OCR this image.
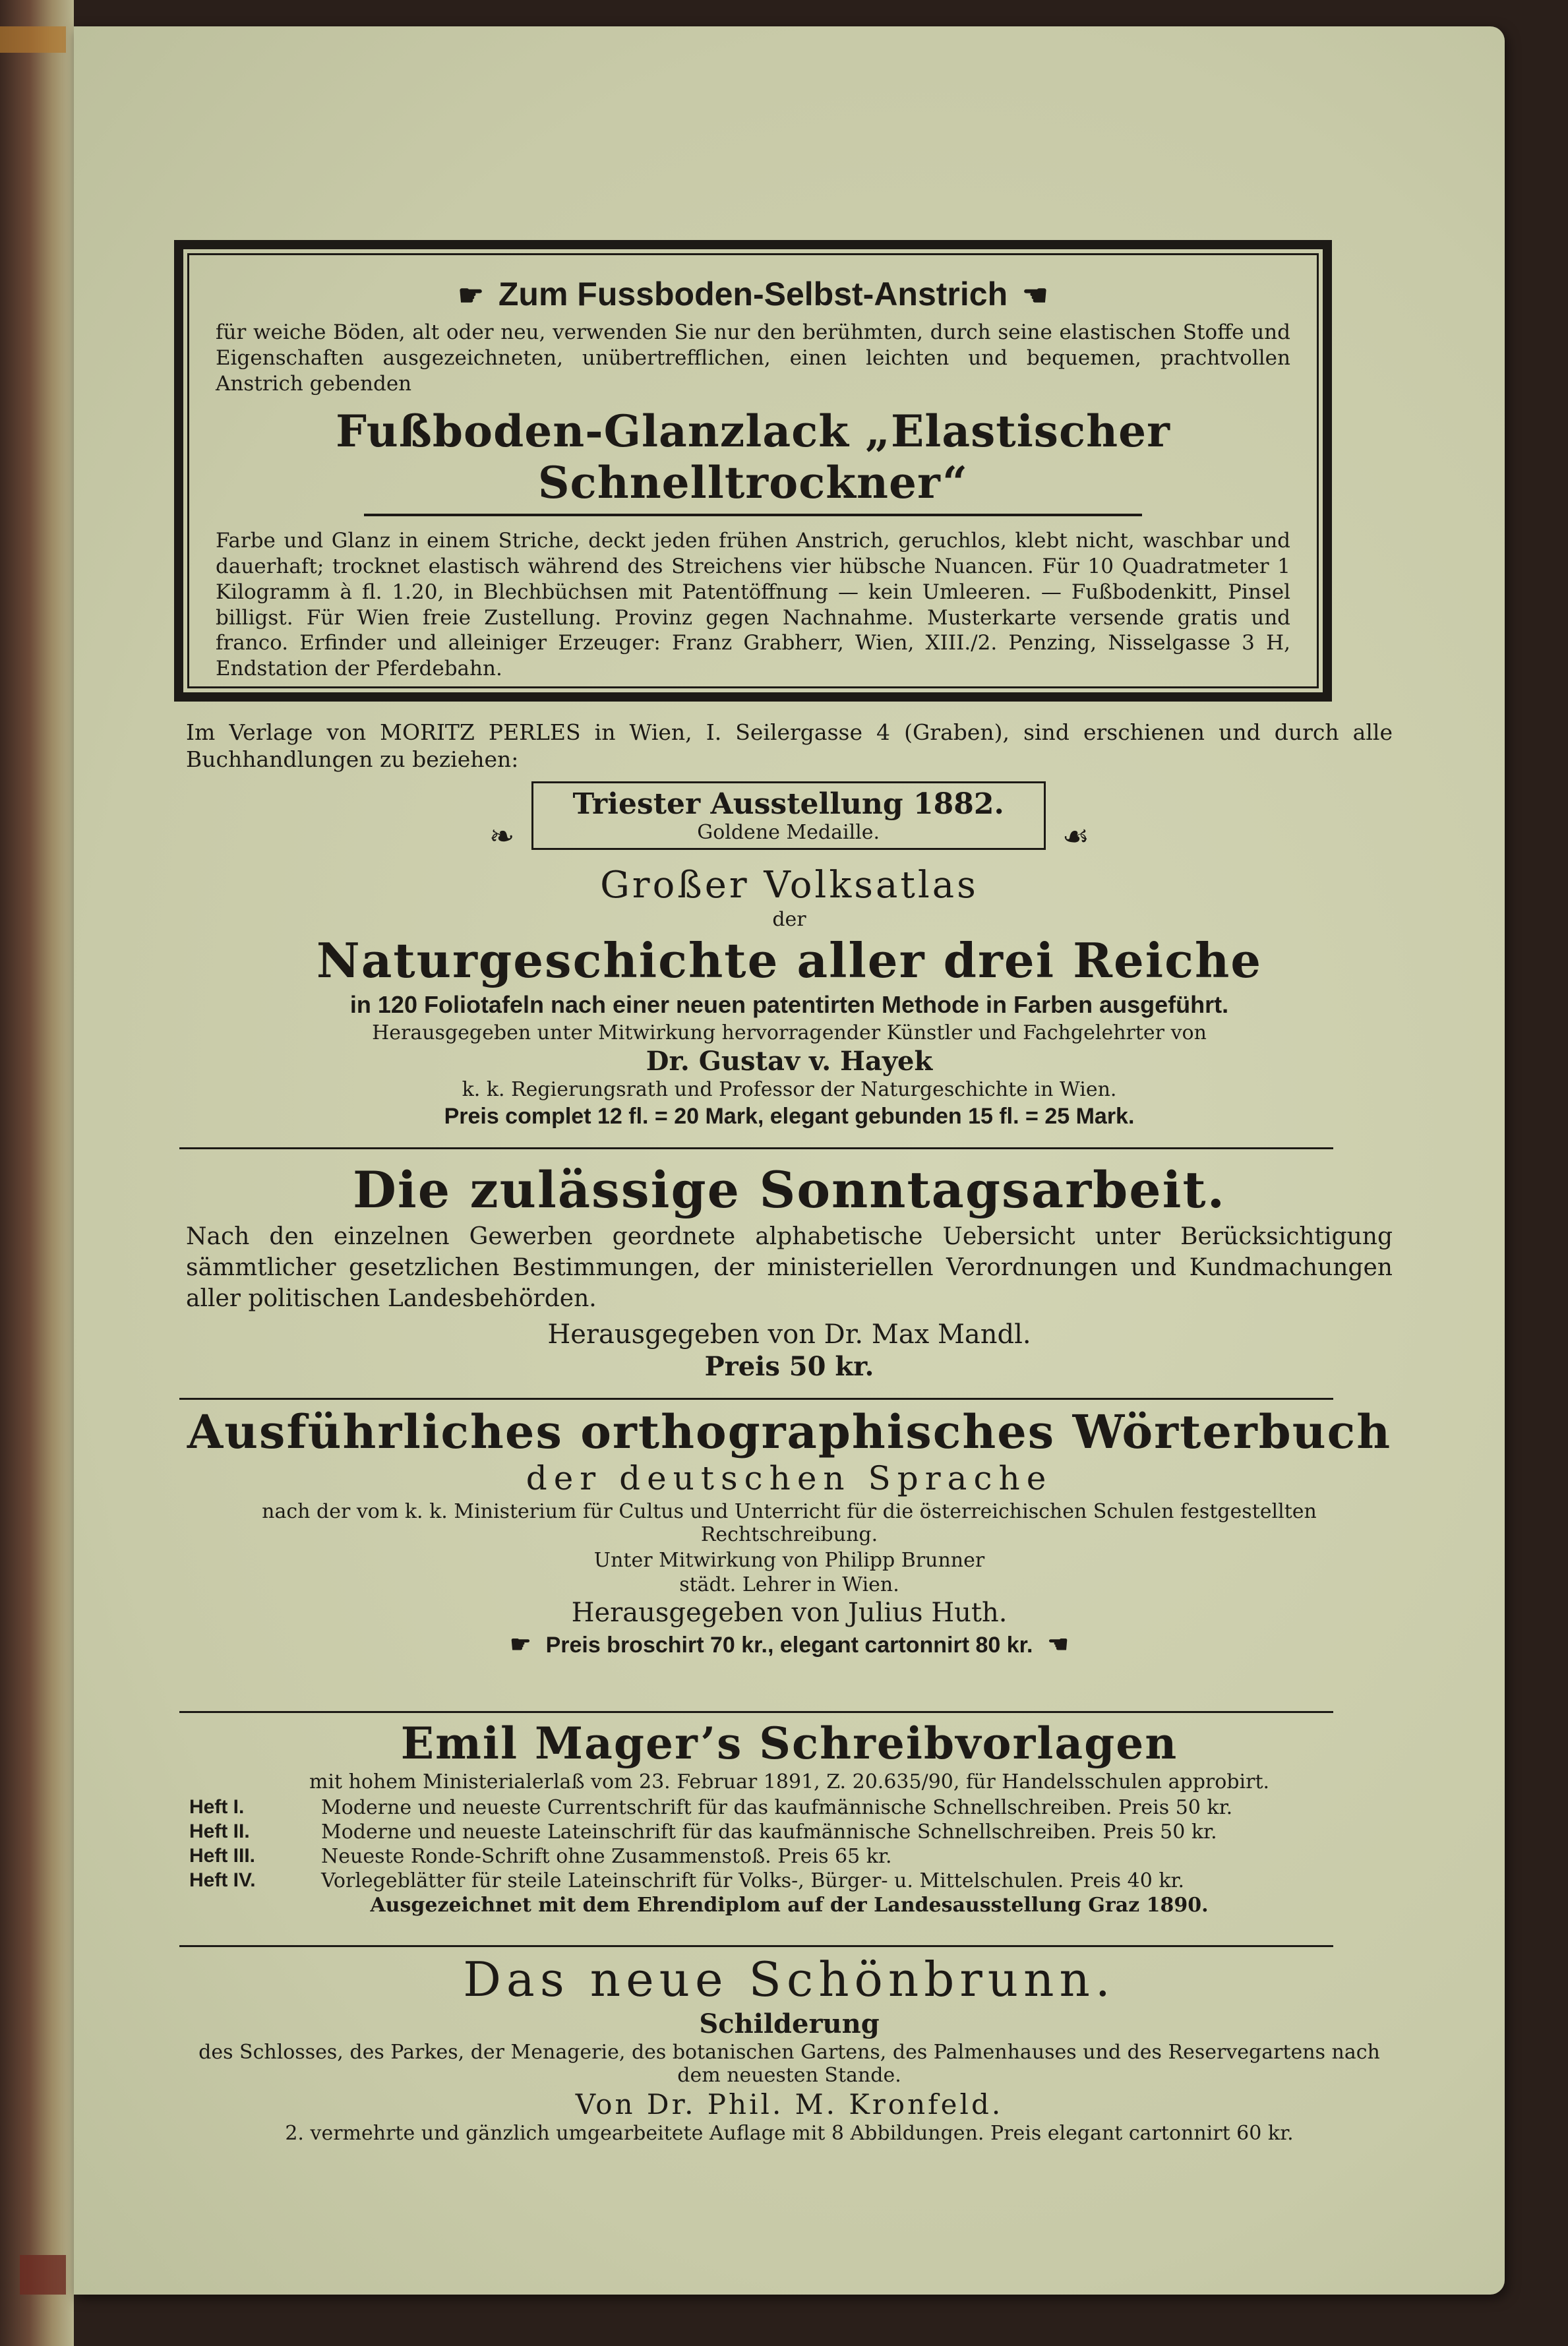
☛ Zum Fussboden-Selbst-Anstrich ☚

für weiche Böden, alt oder neu, verwenden Sie nur den berühmten, durch seine elastischen Stoffe und Eigenschaften ausgezeichneten, unübertrefflichen, einen leichten und bequemen, prachtvollen Anstrich gebenden

Fußboden-Glanzlack „Elastischer Schnelltrockner“

Farbe und Glanz in einem Striche, deckt jeden frühen Anstrich, geruchlos, klebt nicht, waschbar und dauerhaft; trocknet elastisch während des Streichens vier hübsche Nuancen. Für 10 Quadratmeter 1 Kilogramm à fl. 1.20, in Blechbüchsen mit Patentöffnung — kein Umleeren. — Fußbodenkitt, Pinsel billigst. Für Wien freie Zustellung. Provinz gegen Nachnahme. Musterkarte versende gratis und franco. Erfinder und alleiniger Erzeuger: Franz Grabherr, Wien, XIII./2. Penzing, Nisselgasse 3 H, Endstation der Pferdebahn.

Im Verlage von MORITZ PERLES in Wien, I. Seilergasse 4 (Graben), sind erschienen und durch alle Buchhandlungen zu beziehen:

❧
Triester Ausstellung 1882.
Goldene Medaille.	☙

Großer Volksatlas

der

Naturgeschichte aller drei Reiche

in 120 Foliotafeln nach einer neuen patentirten Methode in Farben ausgeführt.

Herausgegeben unter Mitwirkung hervorragender Künstler und Fachgelehrter von

Dr. Gustav v. Hayek

k. k. Regierungsrath und Professor der Naturgeschichte in Wien.

Preis complet 12 fl. = 20 Mark, elegant gebunden 15 fl. = 25 Mark.

Die zulässige Sonntagsarbeit.

Nach den einzelnen Gewerben geordnete alphabetische Uebersicht unter Berücksichtigung sämmtlicher gesetzlichen Bestimmungen, der ministeriellen Verordnungen und Kundmachungen aller politischen Landesbehörden.

Herausgegeben von Dr. Max Mandl.

Preis 50 kr.

Ausführliches orthographisches Wörterbuch

der deutschen Sprache

nach der vom k. k. Ministerium für Cultus und Unterricht für die österreichischen Schulen festgestellten Rechtschreibung.

Unter Mitwirkung von Philipp Brunner

städt. Lehrer in Wien.

Herausgegeben von Julius Huth.

☛ Preis broschirt 70 kr., elegant cartonnirt 80 kr. ☚

Emil Mager’s Schreibvorlagen

mit hohem Ministerialerlaß vom 23. Februar 1891, Z. 20.635/90, für Handelsschulen approbirt.

Heft I.	Moderne und neueste Currentschrift für das kaufmännische Schnellschreiben. Preis 50 kr.
Heft II.	Moderne und neueste Lateinschrift für das kaufmännische Schnellschreiben. Preis 50 kr.
Heft III.	Neueste Ronde-Schrift ohne Zusammenstoß. Preis 65 kr.
Heft IV.	Vorlegeblätter für steile Lateinschrift für Volks-, Bürger- u. Mittelschulen. Preis 40 kr.

Ausgezeichnet mit dem Ehrendiplom auf der Landesausstellung Graz 1890.

Das neue Schönbrunn.

Schilderung

des Schlosses, des Parkes, der Menagerie, des botanischen Gartens, des Palmenhauses und des Reservegartens nach dem neuesten Stande.

Von Dr. Phil. M. Kronfeld.

2. vermehrte und gänzlich umgearbeitete Auflage mit 8 Abbildungen. Preis elegant cartonnirt 60 kr.
